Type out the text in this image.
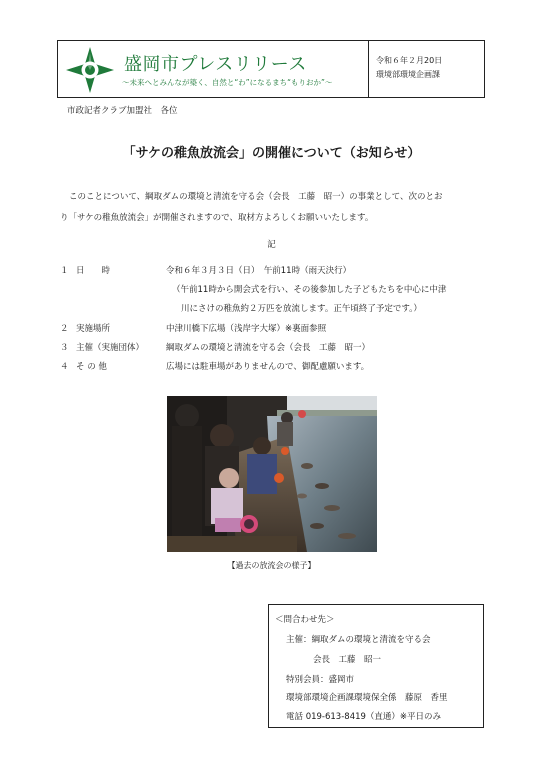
盛岡市プレスリリース
～未来へとみんなが築く、自然と“わ”になるまち“もりおか”～
令和６年２月20日
環境部環境企画課
市政記者クラブ加盟社　各位
「サケの稚魚放流会」の開催について（お知らせ）

このことについて、綱取ダムの環境と清流を守る会（会長　工藤　昭一）の事業として、次のとお

り「サケの稚魚放流会」が開催されますので、取材方よろしくお願いいたします。

記
１ 日　　時	令和６年３月３日（日）　午前11時（雨天決行）
（午前11時から開会式を行い、その後参加した子どもたちを中心に中津
川にさけの稚魚約２万匹を放流します。正午頃終了予定です。）
２ 実施場所	中津川橋下広場（浅岸字大塚）※裏面参照
３ 主催（実施団体）	綱取ダムの環境と清流を守る会（会長　工藤　昭一）
４ そ の 他	広場には駐車場がありませんので、御配慮願います。
【過去の放流会の様子】
＜問合わせ先＞
主催：綱取ダムの環境と清流を守る会
会長　工藤　昭一
特別会員：盛岡市
環境部環境企画課環境保全係　藤原　香里
電話 019-613-8419（直通）※平日のみ
